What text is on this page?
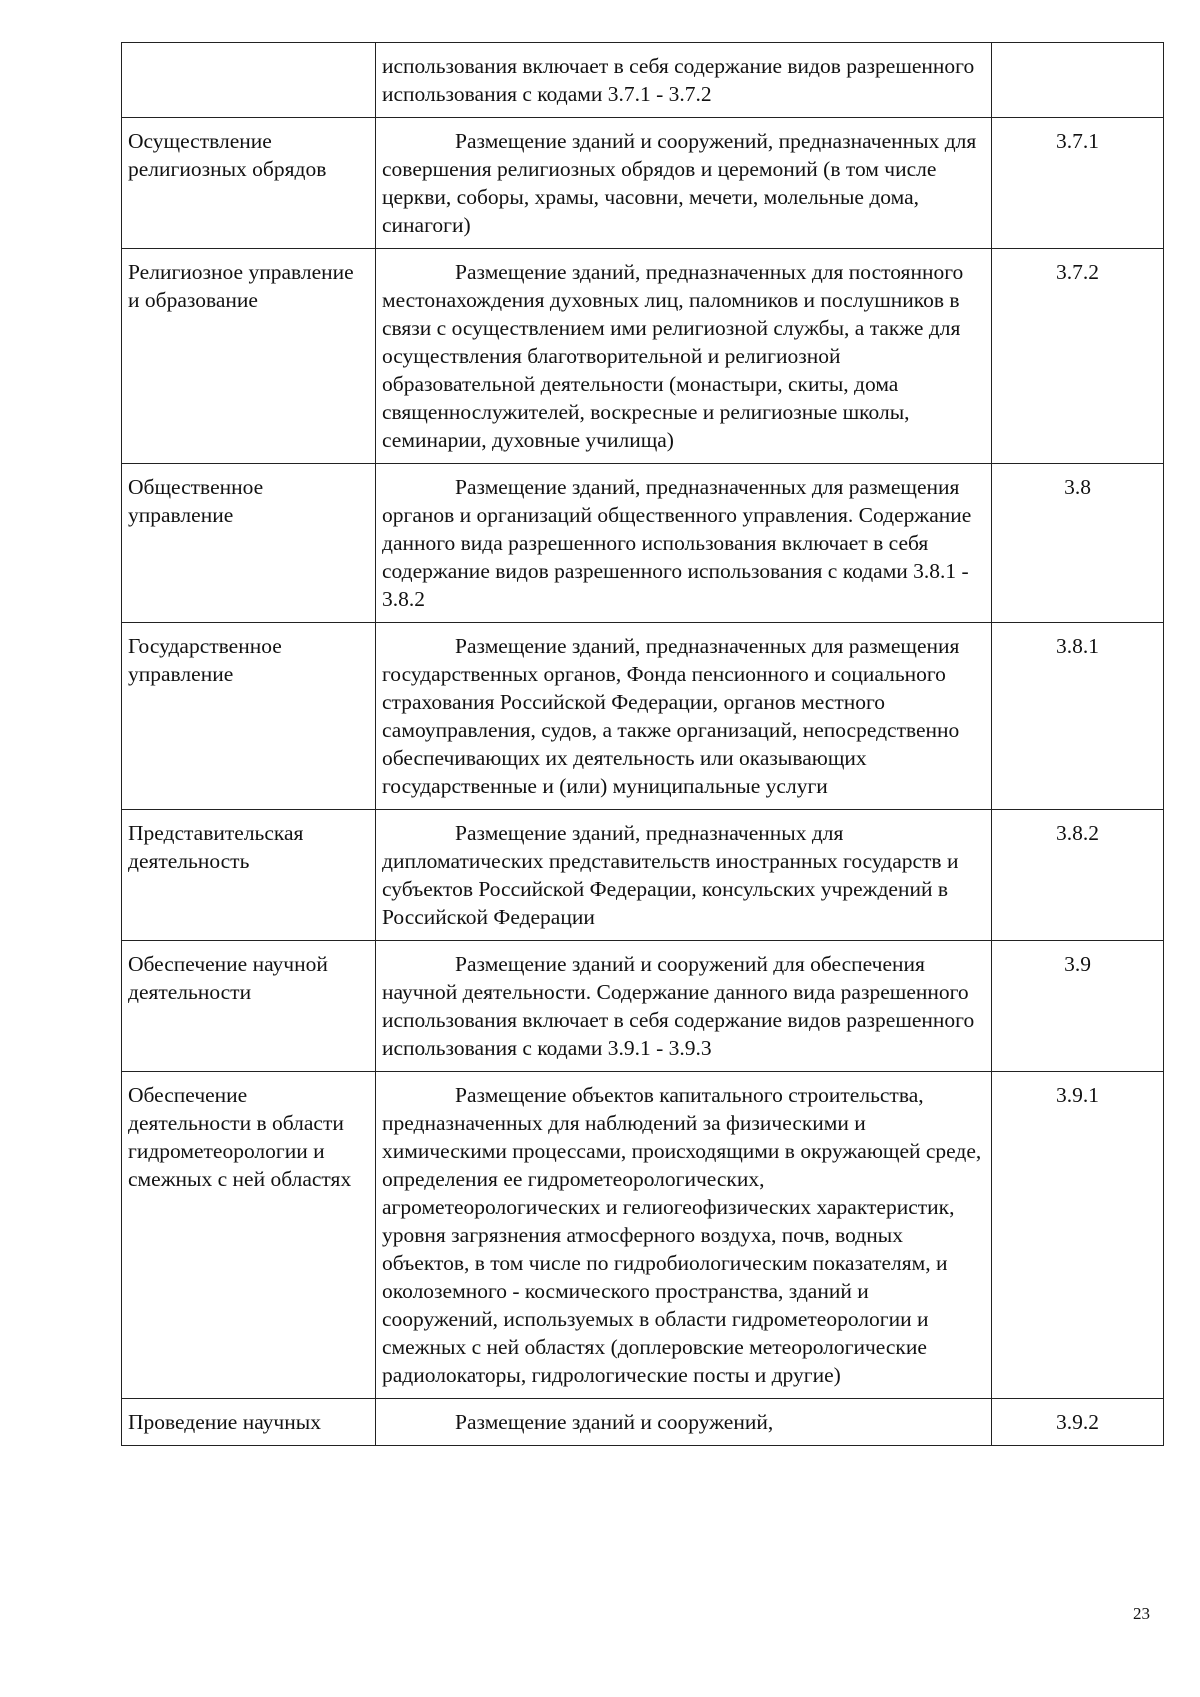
	использования включает в себя содержание видов разрешенного использования с кодами 3.7.1 - 3.7.2	
Осуществление религиозных обрядов	Размещение зданий и сооружений, предназначенных для совершения религиозных обрядов и церемоний (в том числе церкви, соборы, храмы, часовни, мечети, молельные дома, синагоги)	3.7.1
Религиозное управление и образование	Размещение зданий, предназначенных для постоянного местонахождения духовных лиц, паломников и послушников в связи с осуществлением ими религиозной службы, а также для осуществления благотворительной и религиозной образовательной деятельности (монастыри, скиты, дома священнослужителей, воскресные и религиозные школы, семинарии, духовные училища)	3.7.2
Общественное управление	Размещение зданий, предназначенных для размещения органов и организаций общественного управления. Содержание данного вида разрешенного использования включает в себя содержание видов разрешенного использования с кодами 3.8.1 - 3.8.2	3.8
Государственное управление	Размещение зданий, предназначенных для размещения государственных органов, Фонда пенсионного и социального страхования Российской Федерации, органов местного самоуправления, судов, а также организаций, непосредственно обеспечивающих их деятельность или оказывающих государственные и (или) муниципальные услуги	3.8.1
Представительская деятельность	Размещение зданий, предназначенных для дипломатических представительств иностранных государств и субъектов Российской Федерации, консульских учреждений в Российской Федерации	3.8.2
Обеспечение научной деятельности	Размещение зданий и сооружений для обеспечения научной деятельности. Содержание данного вида разрешенного использования включает в себя содержание видов разрешенного использования с кодами 3.9.1 - 3.9.3	3.9
Обеспечение деятельности в области гидрометеорологии и смежных с ней областях	Размещение объектов капитального строительства, предназначенных для наблюдений за физическими и химическими процессами, происходящими в окружающей среде, определения ее гидрометеорологических, агрометеорологических и гелиогеофизических характеристик, уровня загрязнения атмосферного воздуха, почв, водных объектов, в том числе по гидробиологическим показателям, и околоземного - космического пространства, зданий и сооружений, используемых в области гидрометеорологии и смежных с ней областях (доплеровские метеорологические радиолокаторы, гидрологические посты и другие)	3.9.1
Проведение научных	Размещение зданий и сооружений,	3.9.2
23
